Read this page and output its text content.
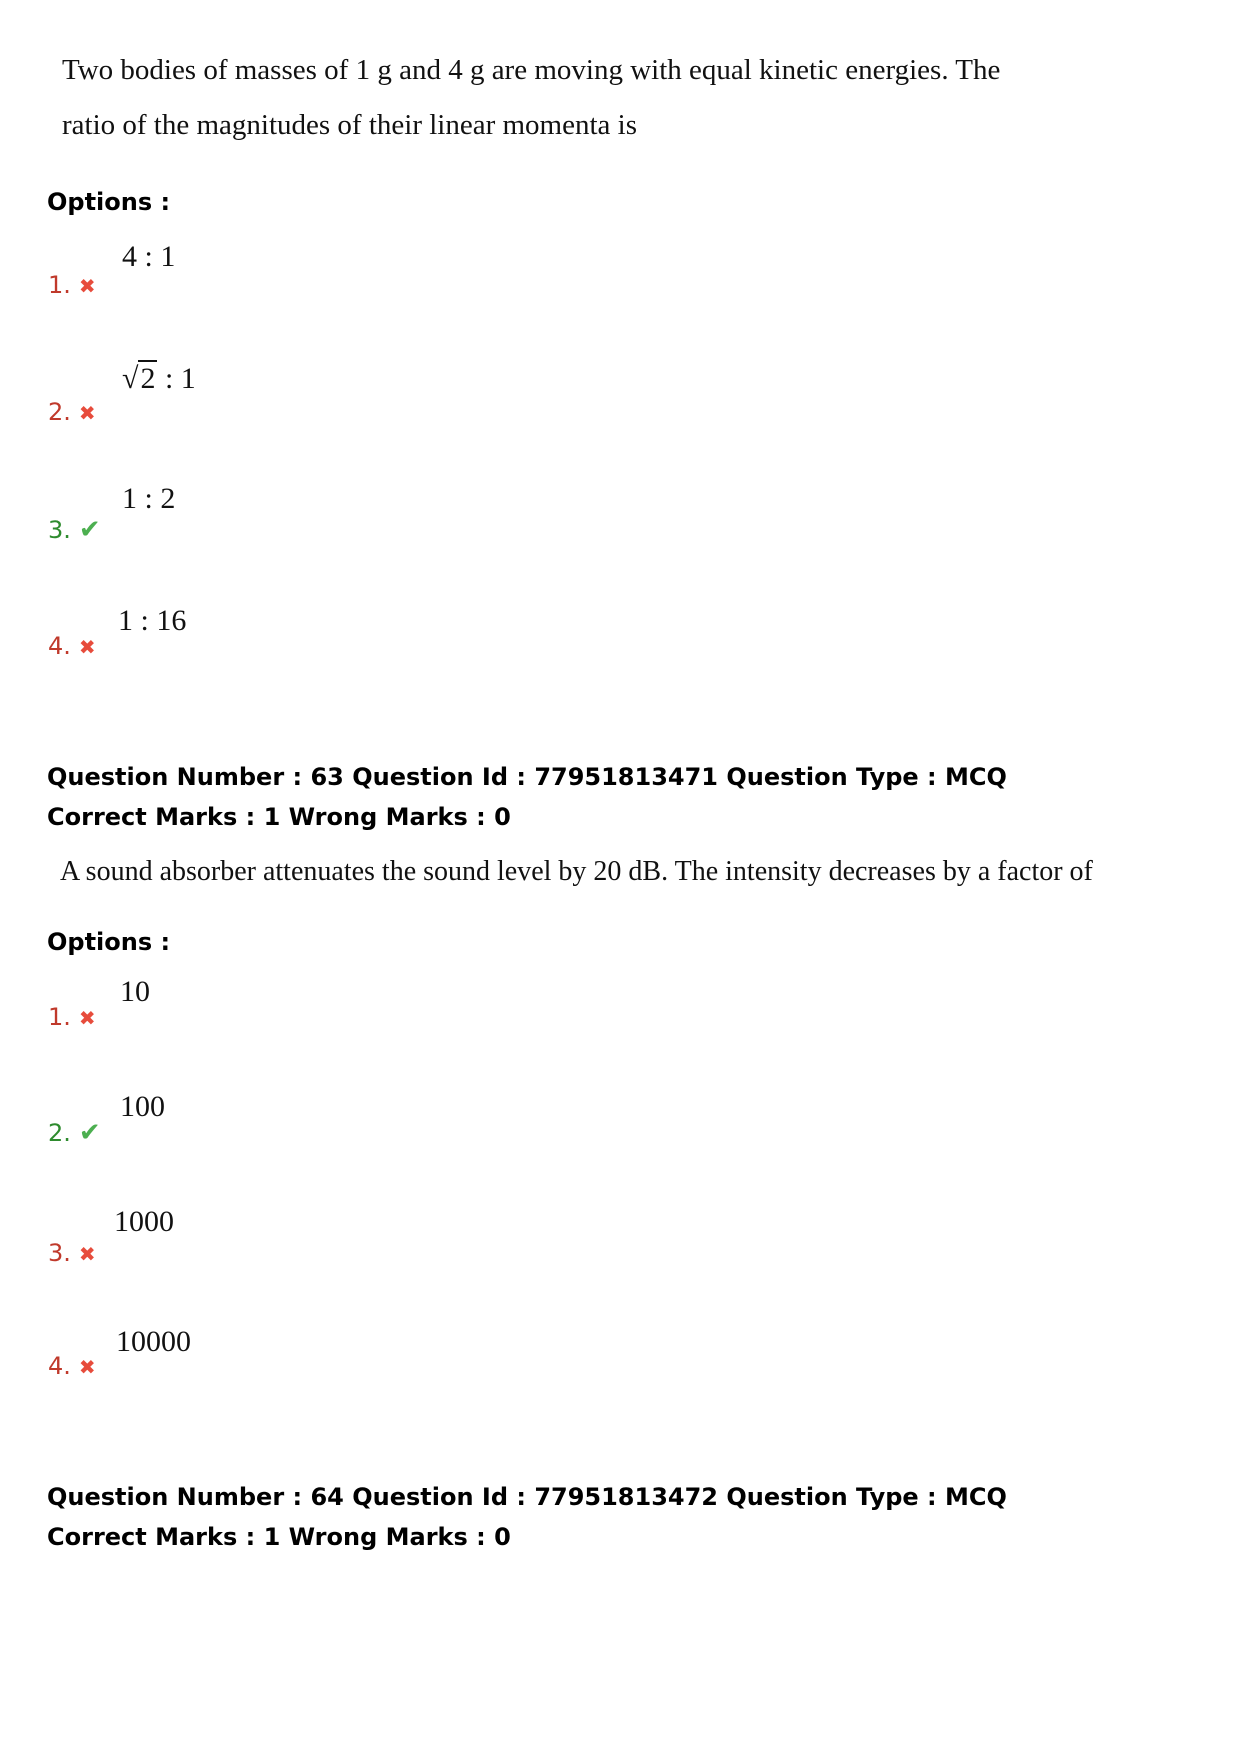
Two bodies of masses of 1 g and 4 g are moving with equal kinetic energies. The
ratio of the magnitudes of their linear momenta is
Options :
4 : 1
1. ✖
√2 : 1
2. ✖
1 : 2
3. ✔
1 : 16
4. ✖
Question Number : 63 Question Id : 77951813471 Question Type : MCQ
Correct Marks : 1 Wrong Marks : 0
A sound absorber attenuates the sound level by 20 dB. The intensity decreases by a factor of
Options :
10
1. ✖
100
2. ✔
1000
3. ✖
10000
4. ✖
Question Number : 64 Question Id : 77951813472 Question Type : MCQ
Correct Marks : 1 Wrong Marks : 0
